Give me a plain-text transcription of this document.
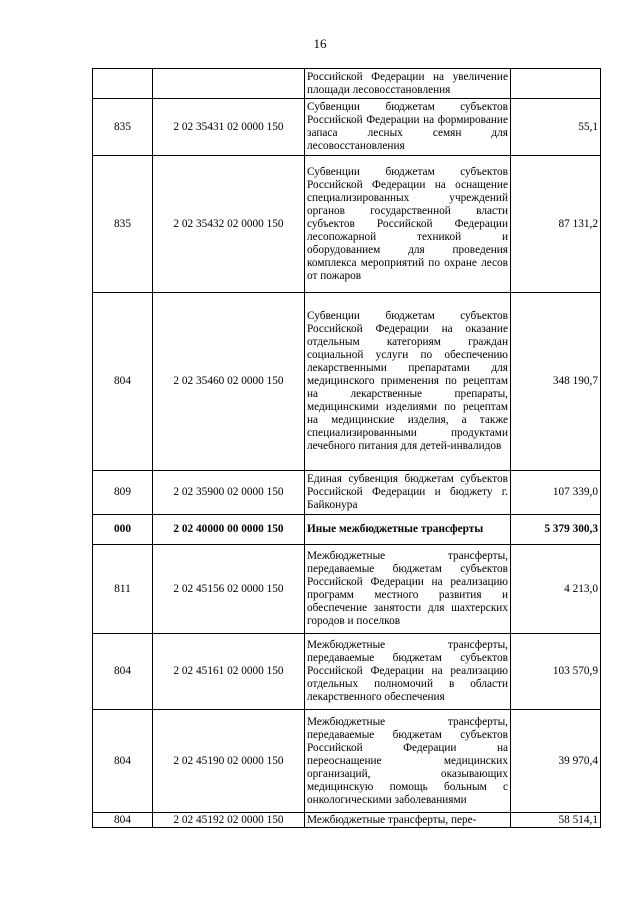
16
		Российской Федерации на увеличение площади лесовосстановления	
835	2 02 35431 02 0000 150	Субвенции бюджетам субъектов Российской Федерации на формирование запаса лесных семян для лесовосстановления	55,1
835	2 02 35432 02 0000 150	Субвенции бюджетам субъектов Российской Федерации на оснащение специализированных учреждений органов государственной власти субъектов Российской Федерации лесопожарной техникой и оборудованием для проведения комплекса мероприятий по охране лесов от пожаров	87 131,2
804	2 02 35460 02 0000 150	Субвенции бюджетам субъектов Российской Федерации на оказание отдельным категориям граждан социальной услуги по обеспечению лекарственными препаратами для медицинского применения по рецептам на лекарственные препараты, медицинскими изделиями по рецептам на медицинские изделия, а также специализированными продуктами лечебного питания для детей-инвалидов	348 190,7
809	2 02 35900 02 0000 150	Единая субвенция бюджетам субъектов Российской Федерации и бюджету г. Байконура	107 339,0
000	2 02 40000 00 0000 150	Иные межбюджетные трансферты	5 379 300,3
811	2 02 45156 02 0000 150	Межбюджетные трансферты, передаваемые бюджетам субъектов Российской Федерации на реализацию программ местного развития и обеспечение занятости для шахтерских городов и поселков	4 213,0
804	2 02 45161 02 0000 150	Межбюджетные трансферты, передаваемые бюджетам субъектов Российской Федерации на реализацию отдельных полномочий в области лекарственного обеспечения	103 570,9
804	2 02 45190 02 0000 150	Межбюджетные трансферты, передаваемые бюджетам субъектов Российской Федерации на переоснащение медицинских организаций, оказывающих медицинскую помощь больным с онкологическими заболеваниями	39 970,4
804	2 02 45192 02 0000 150	Межбюджетные трансферты, пере-	58 514,1
